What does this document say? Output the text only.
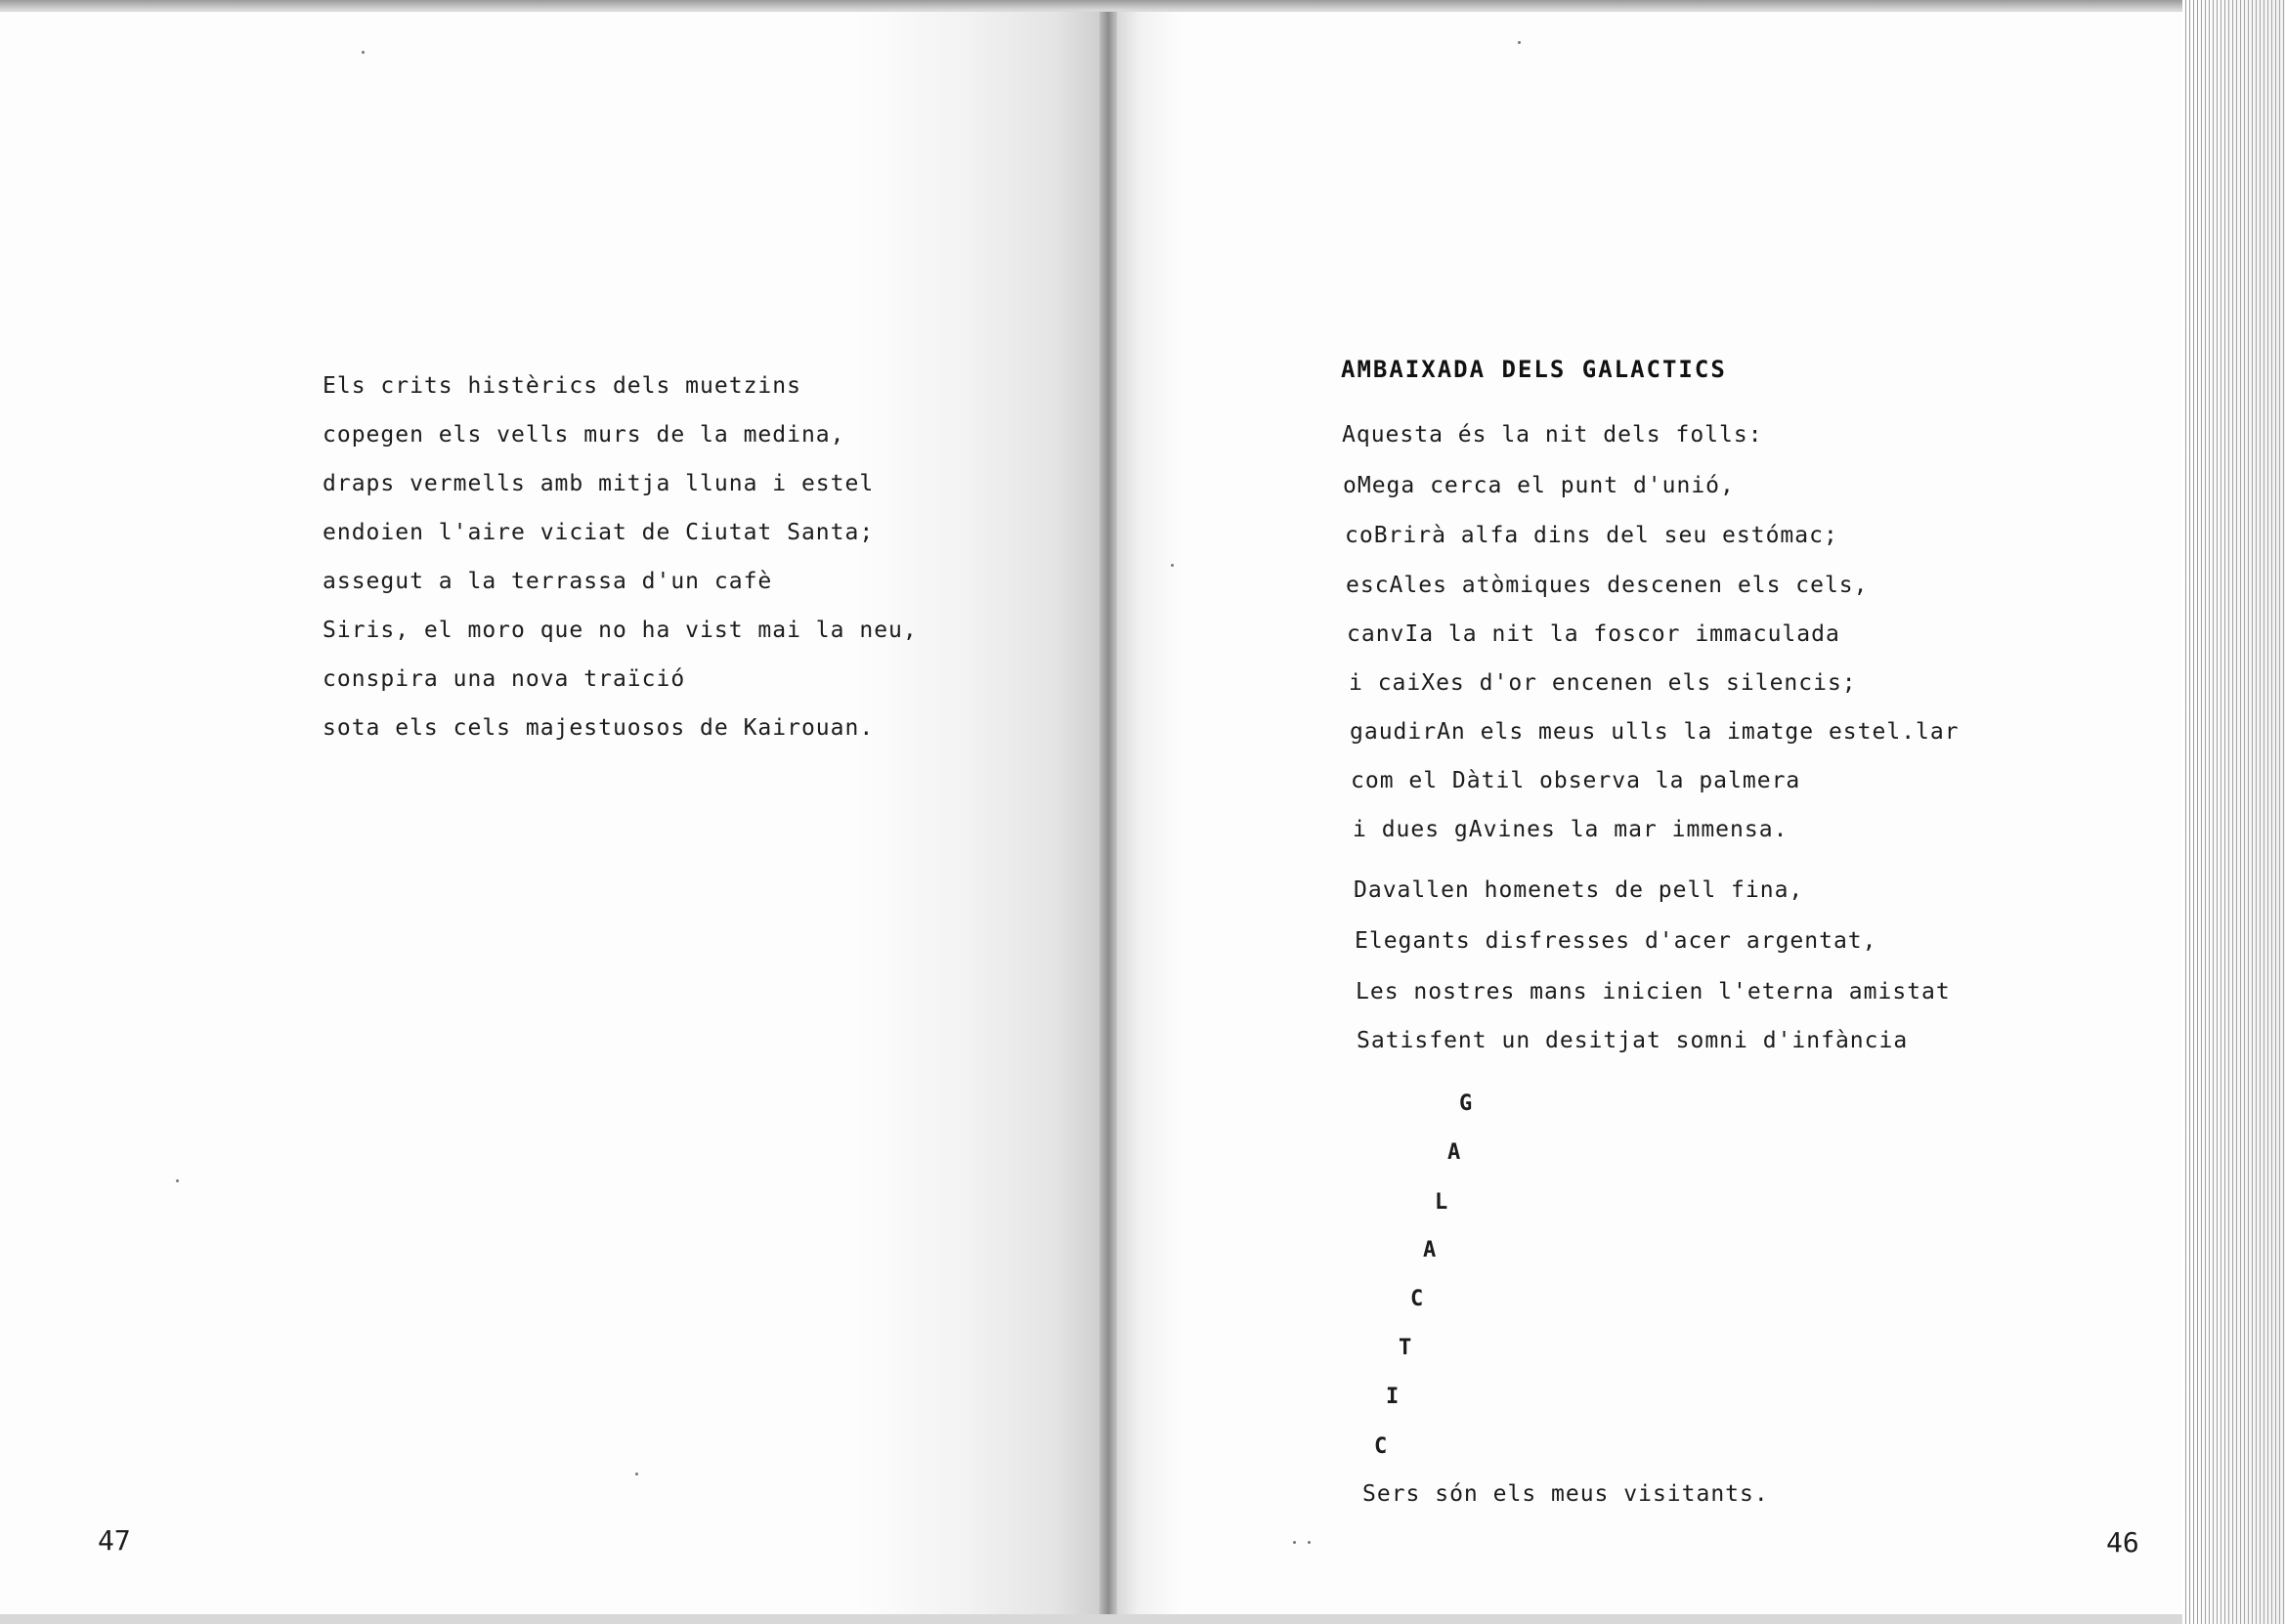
Els crits histèrics dels muetzins
copegen els vells murs de la medina,
draps vermells amb mitja lluna i estel
endoien l'aire viciat de Ciutat Santa;
assegut a la terrassa d'un cafè
Siris, el moro que no ha vist mai la neu,
conspira una nova traïció
sota els cels majestuosos de Kairouan.
47
AMBAIXADA DELS GALACTICS
Aquesta és la nit dels folls:
oMega cerca el punt d'unió,
coBrirà alfa dins del seu estómac;
escAles atòmiques descenen els cels,
canvIa la nit la foscor immaculada
i caiXes d'or encenen els silencis;
gaudirAn els meus ulls la imatge estel.lar
com el Dàtil observa la palmera
i dues gAvines la mar immensa.
Davallen homenets de pell fina,
Elegants disfresses d'acer argentat,
Les nostres mans inicien l'eterna amistat
Satisfent un desitjat somni d'infància
Sers són els meus visitants.
G
A
L
A
C
T
I
C
46
